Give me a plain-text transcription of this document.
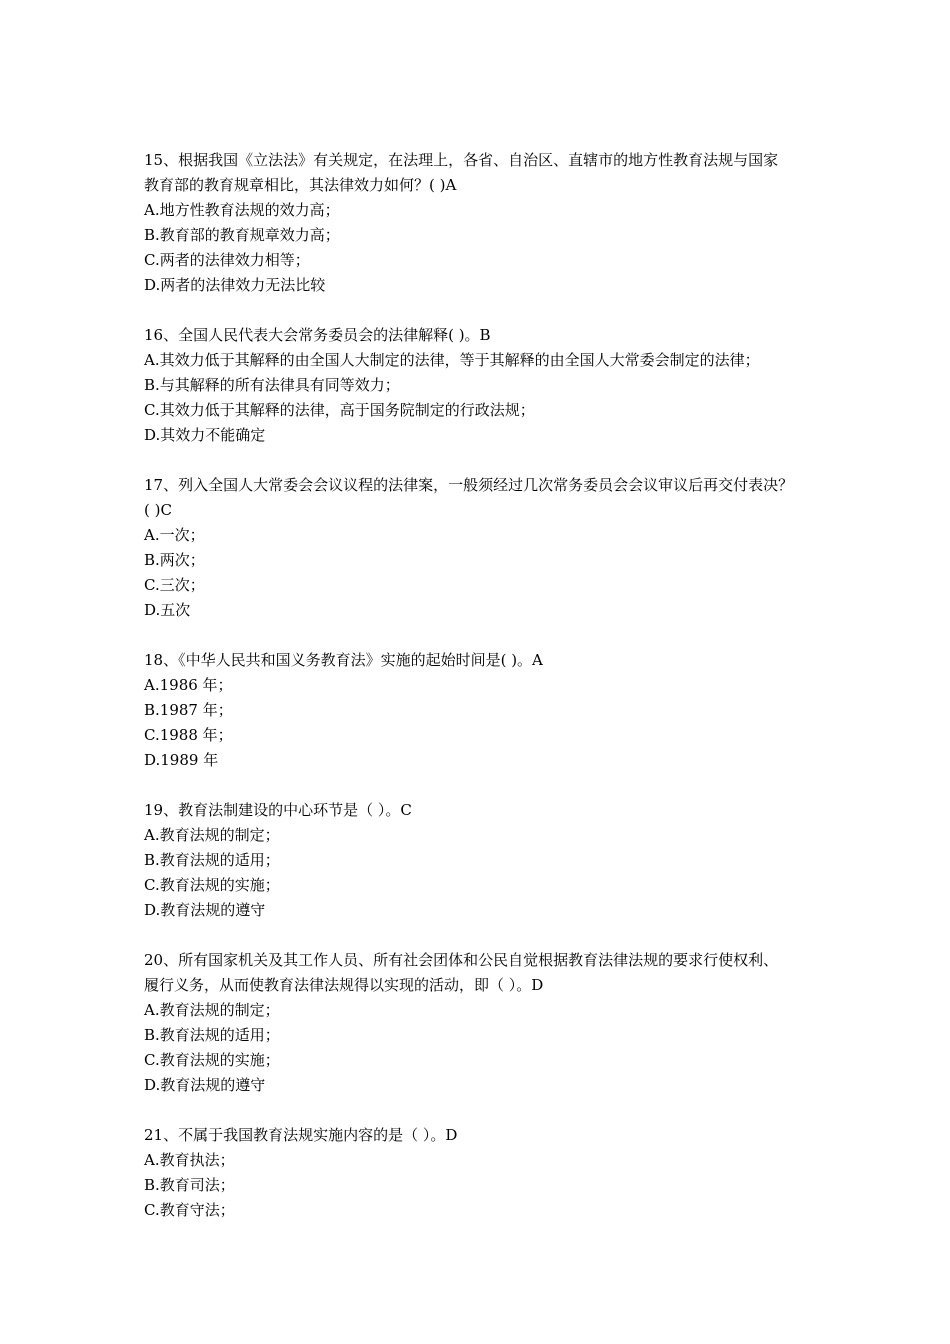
15、根据我国《立法法》有关规定，在法理上，各省、自治区、直辖市的地方性教育法规与国家
教育部的教育规章相比，其法律效力如何？( )A
A.地方性教育法规的效力高；
B.教育部的教育规章效力高；
C.两者的法律效力相等；
D.两者的法律效力无法比较
16、全国人民代表大会常务委员会的法律解释( )。B
A.其效力低于其解释的由全国人大制定的法律，等于其解释的由全国人大常委会制定的法律；
B.与其解释的所有法律具有同等效力；
C.其效力低于其解释的法律，高于国务院制定的行政法规；
D.其效力不能确定
17、列入全国人大常委会会议议程的法律案，一般须经过几次常务委员会会议审议后再交付表决？
( )C
A.一次；
B.两次；
C.三次；
D.五次
18、《中华人民共和国义务教育法》实施的起始时间是( )。A
A.1986 年；
B.1987 年；
C.1988 年；
D.1989 年
19、教育法制建设的中心环节是（ ）。C
A.教育法规的制定；
B.教育法规的适用；
C.教育法规的实施；
D.教育法规的遵守
20、所有国家机关及其工作人员、所有社会团体和公民自觉根据教育法律法规的要求行使权利、
履行义务，从而使教育法律法规得以实现的活动，即（ ）。D
A.教育法规的制定；
B.教育法规的适用；
C.教育法规的实施；
D.教育法规的遵守
21、不属于我国教育法规实施内容的是（ ）。D
A.教育执法；
B.教育司法；
C.教育守法；
